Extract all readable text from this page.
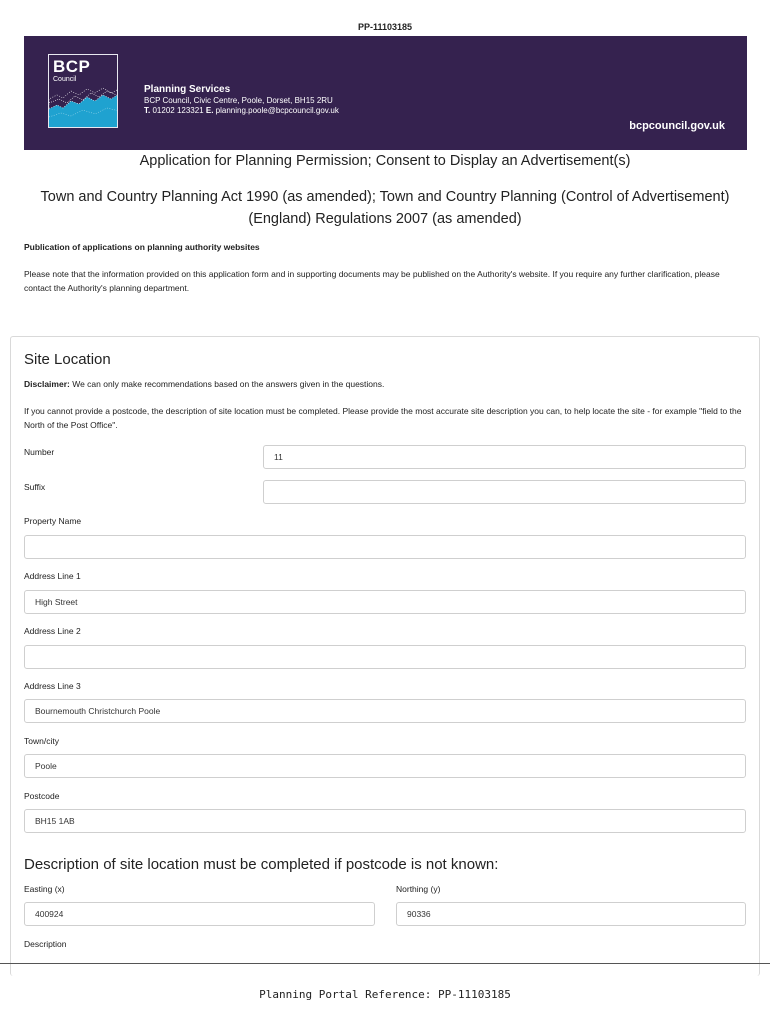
PP-11103185
BCP
Council
Planning Services
BCP Council, Civic Centre, Poole, Dorset, BH15 2RU
T. 01202 123321 E. planning.poole@bcpcouncil.gov.uk
bcpcouncil.gov.uk
Application for Planning Permission; Consent to Display an Advertisement(s)
Town and Country Planning Act 1990 (as amended); Town and Country Planning (Control of Advertisement) (England) Regulations 2007 (as amended)
Publication of applications on planning authority websites
Please note that the information provided on this application form and in supporting documents may be published on the Authority's website. If you require any further clarification, please contact the Authority's planning department.
Site Location
Disclaimer: We can only make recommendations based on the answers given in the questions.
If you cannot provide a postcode, the description of site location must be completed. Please provide the most accurate site description you can, to help locate the site - for example "field to the North of the Post Office".
Number	11
Suffix
Property Name
Address Line 1
High Street
Address Line 2
Address Line 3
Bournemouth Christchurch Poole
Town/city
Poole
Postcode
BH15 1AB
Description of site location must be completed if postcode is not known:
Easting (x)
400924
Northing (y)
90336
Description
Planning Portal Reference: PP-11103185
